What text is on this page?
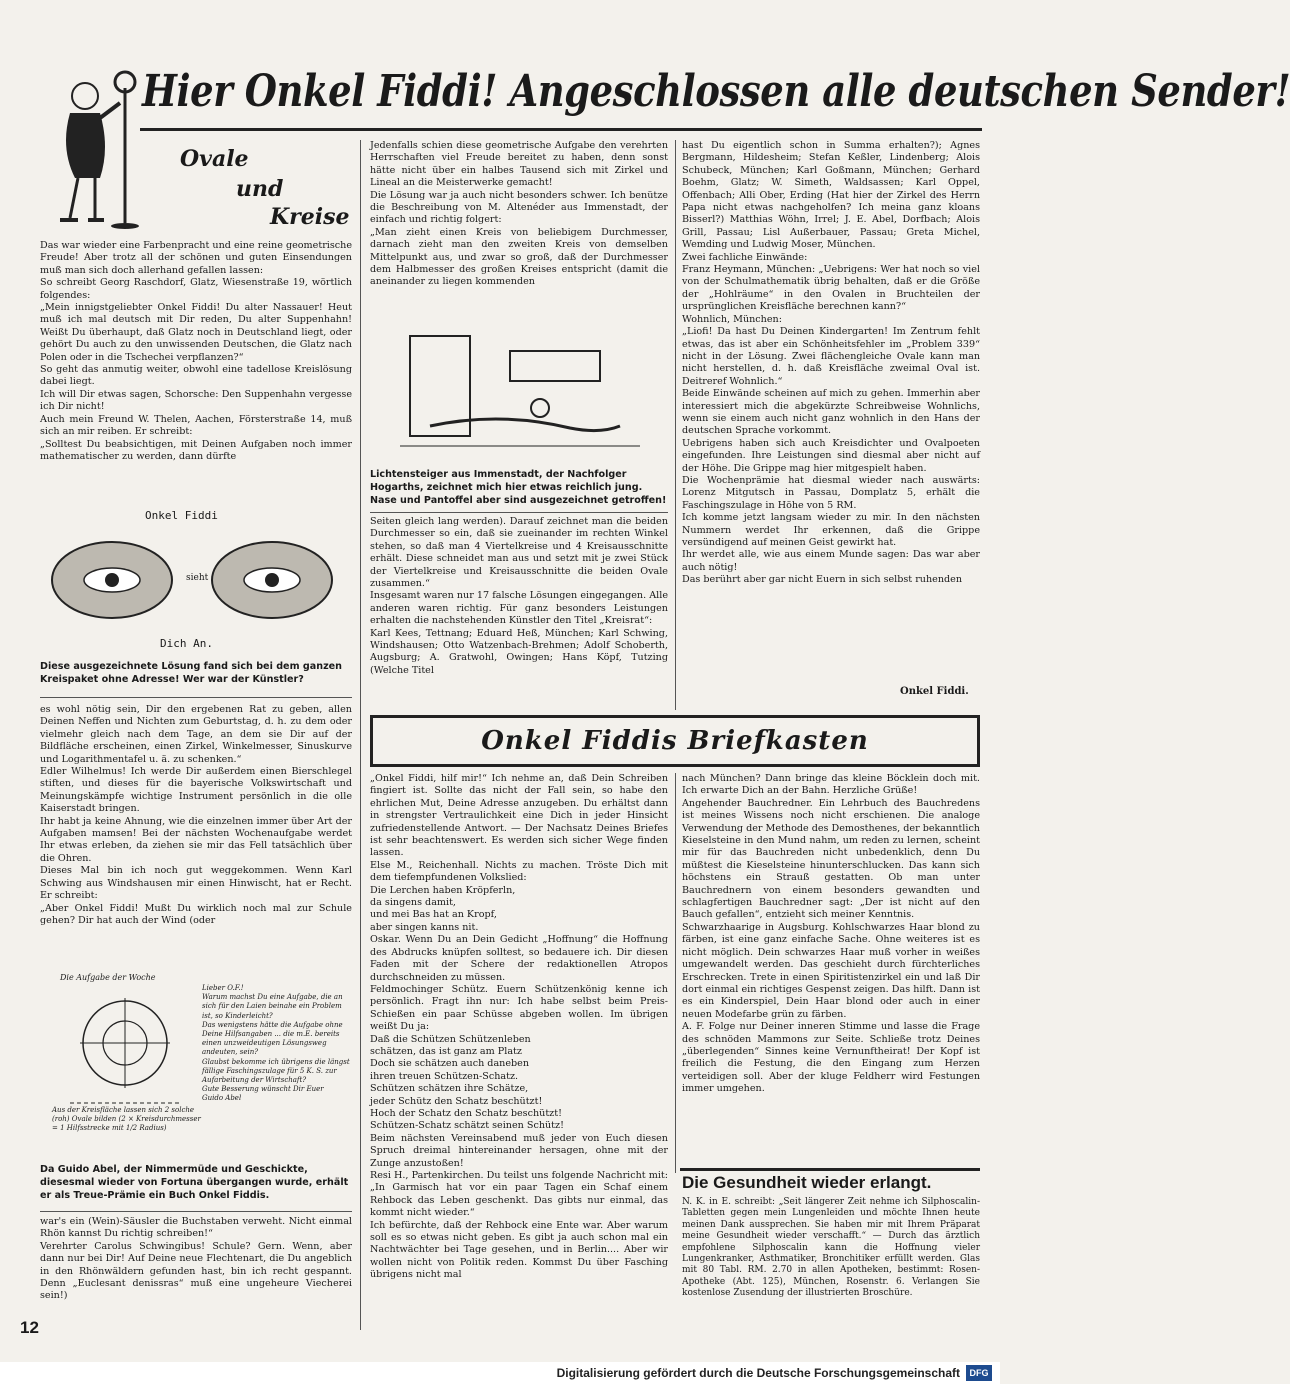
Hier Onkel Fiddi! Angeschlossen alle deutschen Sender!
Ovale
und
Kreise
Das war wieder eine Farbenpracht und eine reine geometrische Freude! Aber trotz all der schönen und guten Einsendungen muß man sich doch allerhand gefallen lassen:
So schreibt Georg Raschdorf, Glatz, Wiesenstraße 19, wörtlich folgendes:
„Mein innigstgeliebter Onkel Fiddi! Du alter Nassauer! Heut muß ich mal deutsch mit Dir reden, Du alter Suppenhahn! Weißt Du überhaupt, daß Glatz noch in Deutschland liegt, oder gehört Du auch zu den unwissenden Deutschen, die Glatz nach Polen oder in die Tschechei verpflanzen?“
So geht das anmutig weiter, obwohl eine tadellose Kreislösung dabei liegt.
Ich will Dir etwas sagen, Schorsche: Den Suppenhahn vergesse ich Dir nicht!
Auch mein Freund W. Thelen, Aachen, Försterstraße 14, muß sich an mir reiben. Er schreibt:
„Solltest Du beabsichtigen, mit Deinen Aufgaben noch immer mathematischer zu werden, dann dürfte
Onkel Fiddi
sieht
Dich An.
Diese ausgezeichnete Lösung fand sich bei dem ganzen Kreispaket ohne Adresse! Wer war der Künstler?
es wohl nötig sein, Dir den ergebenen Rat zu geben, allen Deinen Neffen und Nichten zum Geburtstag, d. h. zu dem oder vielmehr gleich nach dem Tage, an dem sie Dir auf der Bildfläche erscheinen, einen Zirkel, Winkelmesser, Sinuskurve und Logarithmentafel u. ä. zu schenken.“
Edler Wilhelmus! Ich werde Dir außerdem einen Bierschlegel stiften, und dieses für die bayerische Volkswirtschaft und Meinungskämpfe wichtige Instrument persönlich in die olle Kaiserstadt bringen.
Ihr habt ja keine Ahnung, wie die einzelnen immer über Art der Aufgaben mamsen! Bei der nächsten Wochenaufgabe werdet Ihr etwas erleben, da ziehen sie mir das Fell tatsächlich über die Ohren.
Dieses Mal bin ich noch gut weggekommen. Wenn Karl Schwing aus Windshausen mir einen Hinwischt, hat er Recht. Er schreibt:
„Aber Onkel Fiddi! Mußt Du wirklich noch mal zur Schule gehen? Dir hat auch der Wind (oder
Die Aufgabe der Woche
Lieber O.F.!
Warum machst Du eine Aufgabe, die an sich für den Laien beinahe ein Problem ist, so Kinderleicht?
Das wenigstens hätte die Aufgabe ohne Deine Hilfsangaben ... die m.E. bereits einen unzweideutigen Lösungsweg andeuten, sein?
Glaubst bekomme ich übrigens die längst fällige Faschingszulage für 5 K. S. zur Aufarbeitung der Wirtschaft?
Gute Besserung wünscht Dir Euer
Guido Abel
Aus der Kreisfläche lassen sich 2 solche (roh) Ovale bilden (2 × Kreisdurchmesser = 1 Hilfsstrecke mit 1/2 Radius)
Da Guido Abel, der Nimmermüde und Geschickte, diesesmal wieder von Fortuna übergangen wurde, erhält er als Treue-Prämie ein Buch Onkel Fiddis.
war's ein (Wein)-Säusler die Buchstaben verweht. Nicht einmal Rhön kannst Du richtig schreiben!“
Verehrter Carolus Schwingibus! Schule? Gern. Wenn, aber dann nur bei Dir! Auf Deine neue Flechtenart, die Du angeblich in den Rhönwäldern gefunden hast, bin ich recht gespannt. Denn „Euclesant denissras“ muß eine ungeheure Viecherei sein!)
12
Jedenfalls schien diese geometrische Aufgabe den verehrten Herrschaften viel Freude bereitet zu haben, denn sonst hätte nicht über ein halbes Tausend sich mit Zirkel und Lineal an die Meisterwerke gemacht!
Die Lösung war ja auch nicht besonders schwer. Ich benütze die Beschreibung von M. Altenéder aus Immenstadt, der einfach und richtig folgert:
„Man zieht einen Kreis von beliebigem Durchmesser, darnach zieht man den zweiten Kreis von demselben Mittelpunkt aus, und zwar so groß, daß der Durchmesser dem Halbmesser des großen Kreises entspricht (damit die aneinander zu liegen kommenden
Lichtensteiger aus Immenstadt, der Nachfolger Hogarths, zeichnet mich hier etwas reichlich jung. Nase und Pantoffel aber sind ausgezeichnet getroffen!
Seiten gleich lang werden). Darauf zeichnet man die beiden Durchmesser so ein, daß sie zueinander im rechten Winkel stehen, so daß man 4 Viertelkreise und 4 Kreisausschnitte erhält. Diese schneidet man aus und setzt mit je zwei Stück der Viertelkreise und Kreisausschnitte die beiden Ovale zusammen.“
Insgesamt waren nur 17 falsche Lösungen eingegangen. Alle anderen waren richtig. Für ganz besonders Leistungen erhalten die nachstehenden Künstler den Titel „Kreisrat“:
Karl Kees, Tettnang; Eduard Heß, München; Karl Schwing, Windshausen; Otto Watzenbach-Brehmen; Adolf Schoberth, Augsburg; A. Gratwohl, Owingen; Hans Köpf, Tutzing (Welche Titel
hast Du eigentlich schon in Summa erhalten?); Agnes Bergmann, Hildesheim; Stefan Keßler, Lindenberg; Alois Schubeck, München; Karl Goßmann, München; Gerhard Boehm, Glatz; W. Simeth, Waldsassen; Karl Oppel, Offenbach; Alli Ober, Erding (Hat hier der Zirkel des Herrn Papa nicht etwas nachgeholfen? Ich meina ganz kloans Bisserl?) Matthias Wöhn, Irrel; J. E. Abel, Dorfbach; Alois Grill, Passau; Lisl Außerbauer, Passau; Greta Michel, Wemding und Ludwig Moser, München.
Zwei fachliche Einwände:
Franz Heymann, München: „Uebrigens: Wer hat noch so viel von der Schulmathematik übrig behalten, daß er die Größe der „Hohlräume“ in den Ovalen in Bruchteilen der ursprünglichen Kreisfläche berechnen kann?“
Wohnlich, München:
„Liofi! Da hast Du Deinen Kindergarten! Im Zentrum fehlt etwas, das ist aber ein Schönheitsfehler im „Problem 339“ nicht in der Lösung. Zwei flächengleiche Ovale kann man nicht herstellen, d. h. daß Kreisfläche zweimal Oval ist. Deitreref Wohnlich.“
Beide Einwände scheinen auf mich zu gehen. Immerhin aber interessiert mich die abgekürzte Schreibweise Wohnlichs, wenn sie einem auch nicht ganz wohnlich in den Hans der deutschen Sprache vorkommt.
Uebrigens haben sich auch Kreisdichter und Ovalpoeten eingefunden. Ihre Leistungen sind diesmal aber nicht auf der Höhe. Die Grippe mag hier mitgespielt haben.
Die Wochenprämie hat diesmal wieder nach auswärts: Lorenz Mitgutsch in Passau, Domplatz 5, erhält die Faschingszulage in Höhe von 5 RM.
Ich komme jetzt langsam wieder zu mir. In den nächsten Nummern werdet Ihr erkennen, daß die Grippe versündigend auf meinen Geist gewirkt hat.
Ihr werdet alle, wie aus einem Munde sagen: Das war aber auch nötig!
Das berührt aber gar nicht Euern in sich selbst ruhenden
Onkel Fiddi.
Onkel Fiddis Briefkasten
„Onkel Fiddi, hilf mir!“ Ich nehme an, daß Dein Schreiben fingiert ist. Sollte das nicht der Fall sein, so habe den ehrlichen Mut, Deine Adresse anzugeben. Du erhältst dann in strengster Vertraulichkeit eine Dich in jeder Hinsicht zufriedenstellende Antwort. — Der Nachsatz Deines Briefes ist sehr beachtenswert. Es werden sich sicher Wege finden lassen.
Else M., Reichenhall. Nichts zu machen. Tröste Dich mit dem tiefempfundenen Volkslied:
Die Lerchen haben Kröpferln,
da singens damit,
und mei Bas hat an Kropf,
aber singen kanns nit.
Oskar. Wenn Du an Dein Gedicht „Hoffnung“ die Hoffnung des Abdrucks knüpfen solltest, so bedauere ich. Dir diesen Faden mit der Schere der redaktionellen Atropos durchschneiden zu müssen.
Feldmochinger Schütz. Euern Schützenkönig kenne ich persönlich. Fragt ihn nur: Ich habe selbst beim Preis-Schießen ein paar Schüsse abgeben wollen. Im übrigen weißt Du ja:
Daß die Schützen Schützenleben
schätzen, das ist ganz am Platz
Doch sie schätzen auch daneben
ihren treuen Schützen-Schatz.
Schützen schätzen ihre Schätze,
jeder Schütz den Schatz beschützt!
Hoch der Schatz den Schatz beschützt!
Schützen-Schatz schätzt seinen Schütz!
Beim nächsten Vereinsabend muß jeder von Euch diesen Spruch dreimal hintereinander hersagen, ohne mit der Zunge anzustoßen!
Resi H., Partenkirchen. Du teilst uns folgende Nachricht mit: „In Garmisch hat vor ein paar Tagen ein Schaf einem Rehbock das Leben geschenkt. Das gibts nur einmal, das kommt nicht wieder.“
Ich befürchte, daß der Rehbock eine Ente war. Aber warum soll es so etwas nicht geben. Es gibt ja auch schon mal ein Nachtwächter bei Tage gesehen, und in Berlin.... Aber wir wollen nicht von Politik reden. Kommst Du über Fasching übrigens nicht mal
nach München? Dann bringe das kleine Böcklein doch mit. Ich erwarte Dich an der Bahn. Herzliche Grüße!
Angehender Bauchredner. Ein Lehrbuch des Bauchredens ist meines Wissens noch nicht erschienen. Die analoge Verwendung der Methode des Demosthenes, der bekanntlich Kieselsteine in den Mund nahm, um reden zu lernen, scheint mir für das Bauchreden nicht unbedenklich, denn Du müßtest die Kieselsteine hinunterschlucken. Das kann sich höchstens ein Strauß gestatten. Ob man unter Bauchrednern von einem besonders gewandten und schlagfertigen Bauchredner sagt: „Der ist nicht auf den Bauch gefallen“, entzieht sich meiner Kenntnis.
Schwarzhaarige in Augsburg. Kohlschwarzes Haar blond zu färben, ist eine ganz einfache Sache. Ohne weiteres ist es nicht möglich. Dein schwarzes Haar muß vorher in weißes umgewandelt werden. Das geschieht durch fürchterliches Erschrecken. Trete in einen Spiritistenzirkel ein und laß Dir dort einmal ein richtiges Gespenst zeigen. Das hilft. Dann ist es ein Kinderspiel, Dein Haar blond oder auch in einer neuen Modefarbe grün zu färben.
A. F. Folge nur Deiner inneren Stimme und lasse die Frage des schnöden Mammons zur Seite. Schließe trotz Deines „überlegenden“ Sinnes keine Vernunftheirat! Der Kopf ist freilich die Festung, die den Eingang zum Herzen verteidigen soll. Aber der kluge Feldherr wird Festungen immer umgehen.
Die Gesundheit wieder erlangt.
N. K. in E. schreibt: „Seit längerer Zeit nehme ich Silphoscalin-Tabletten gegen mein Lungenleiden und möchte Ihnen heute meinen Dank aussprechen. Sie haben mir mit Ihrem Präparat meine Gesundheit wieder verschafft.“ — Durch das ärztlich empfohlene Silphoscalin kann die Hoffnung vieler Lungenkranker, Asthmatiker, Bronchitiker erfüllt werden. Glas mit 80 Tabl. RM. 2.70 in allen Apotheken, bestimmt: Rosen-Apotheke (Abt. 125), München, Rosenstr. 6. Verlangen Sie kostenlose Zusendung der illustrierten Broschüre.
Digitalisierung gefördert durch die Deutsche Forschungsgemeinschaft	DFG
